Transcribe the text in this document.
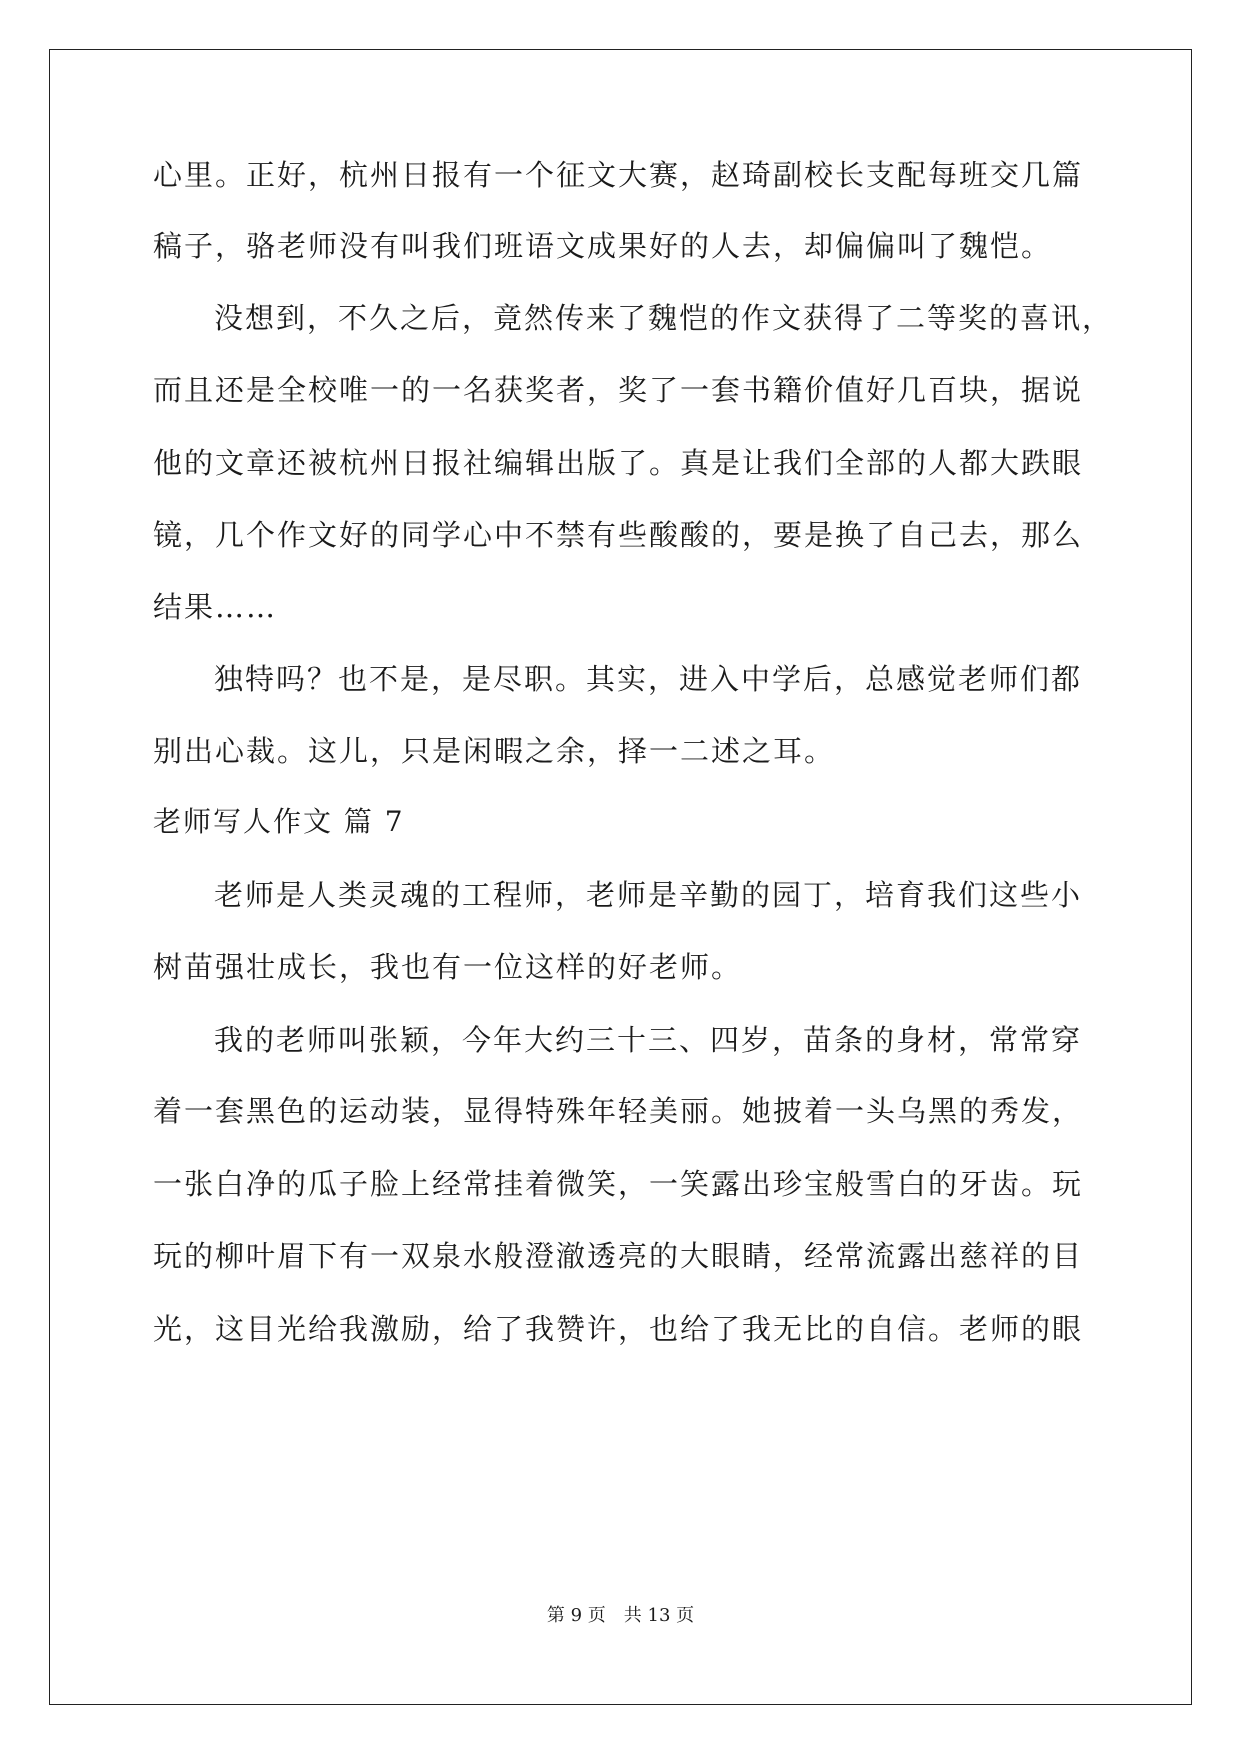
心里。正好，杭州日报有一个征文大赛，赵琦副校长支配每班交几篇
稿子，骆老师没有叫我们班语文成果好的人去，却偏偏叫了魏恺。
没想到，不久之后，竟然传来了魏恺的作文获得了二等奖的喜讯，
而且还是全校唯一的一名获奖者，奖了一套书籍价值好几百块，据说
他的文章还被杭州日报社编辑出版了。真是让我们全部的人都大跌眼
镜，几个作文好的同学心中不禁有些酸酸的，要是换了自己去，那么
结果……
独特吗？也不是，是尽职。其实，进入中学后，总感觉老师们都
别出心裁。这儿，只是闲暇之余，择一二述之耳。
老师写人作文 篇 7
老师是人类灵魂的工程师，老师是辛勤的园丁，培育我们这些小
树苗强壮成长，我也有一位这样的好老师。
我的老师叫张颖，今年大约三十三、四岁，苗条的身材，常常穿
着一套黑色的运动装，显得特殊年轻美丽。她披着一头乌黑的秀发，
一张白净的瓜子脸上经常挂着微笑，一笑露出珍宝般雪白的牙齿。玩
玩的柳叶眉下有一双泉水般澄澈透亮的大眼睛，经常流露出慈祥的目
光，这目光给我激励，给了我赞许，也给了我无比的自信。老师的眼
第 9 页 共 13 页
